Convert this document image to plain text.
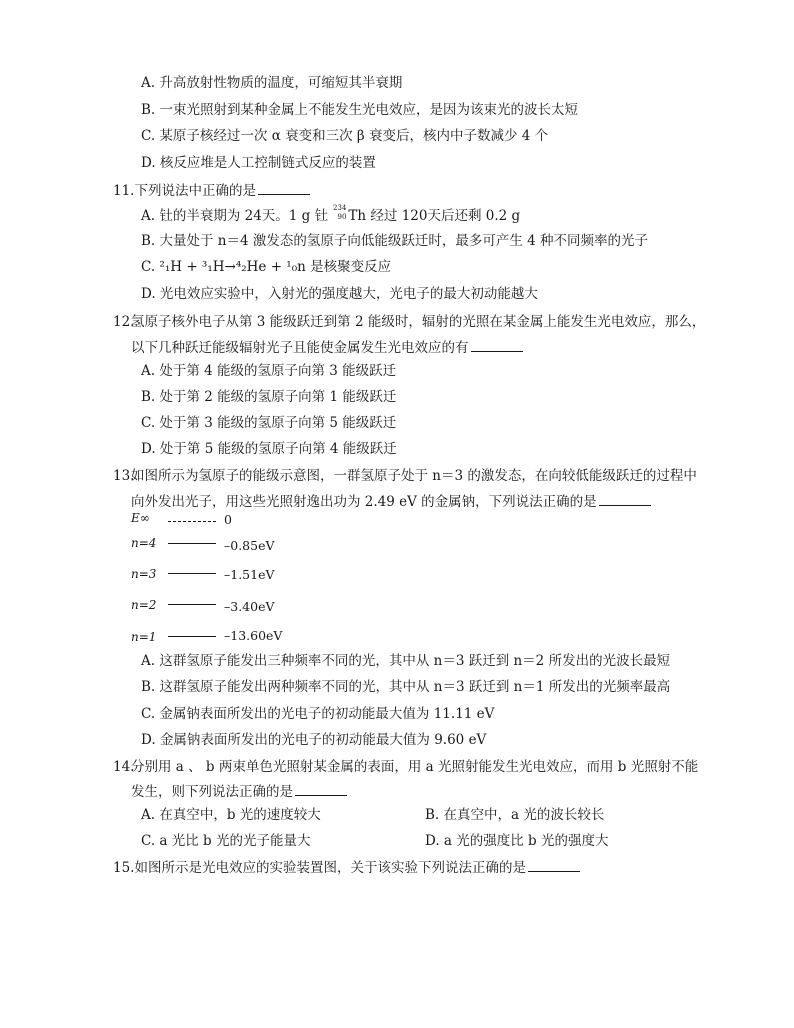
A. 升高放射性物质的温度，可缩短其半衰期
B. 一束光照射到某种金属上不能发生光电效应，是因为该束光的波长太短
C. 某原子核经过一次 α 衰变和三次 β 衰变后，核内中子数减少 4 个
D. 核反应堆是人工控制链式反应的装置
11.下列说法中正确的是
A. 钍的半衰期为 24天。1 g 钍 234
90 Th 经过 120天后还剩 0.2 g
B. 大量处于 n＝4 激发态的氢原子向低能级跃迁时，最多可产生 4 种不同频率的光子
C. ²₁H + ³₁H→⁴₂He + ¹₀n 是核聚变反应
D. 光电效应实验中，入射光的强度越大，光电子的最大初动能越大
12.
氢原子核外电子从第 3 能级跃迁到第 2 能级时，辐射的光照在某金属上能发生光电效应，那么，
以下几种跃迁能级辐射光子且能使金属发生光电效应的有
A. 处于第 4 能级的氢原子向第 3 能级跃迁
B. 处于第 2 能级的氢原子向第 1 能级跃迁
C. 处于第 3 能级的氢原子向第 5 能级跃迁
D. 处于第 5 能级的氢原子向第 4 能级跃迁
13.
如图所示为氢原子的能级示意图，一群氢原子处于 n＝3 的激发态，在向较低能级跃迁的过程中
向外发出光子，用这些光照射逸出功为 2.49 eV 的金属钠，下列说法正确的是
E∞	0
n=4	–0.85eV
n=3	–1.51eV
n=2	–3.40eV
n=1	–13.60eV
A. 这群氢原子能发出三种频率不同的光，其中从 n＝3 跃迁到 n＝2 所发出的光波长最短
B. 这群氢原子能发出两种频率不同的光，其中从 n＝3 跃迁到 n＝1 所发出的光频率最高
C. 金属钠表面所发出的光电子的初动能最大值为 11.11 eV
D. 金属钠表面所发出的光电子的初动能最大值为 9.60 eV
14.
分别用 a 、 b 两束单色光照射某金属的表面，用 a 光照射能发生光电效应，而用 b 光照射不能
发生，则下列说法正确的是
A. 在真空中，b 光的速度较大	B. 在真空中，a 光的波长较长
C. a 光比 b 光的光子能量大	D. a 光的强度比 b 光的强度大
15.如图所示是光电效应的实验装置图，关于该实验下列说法正确的是
